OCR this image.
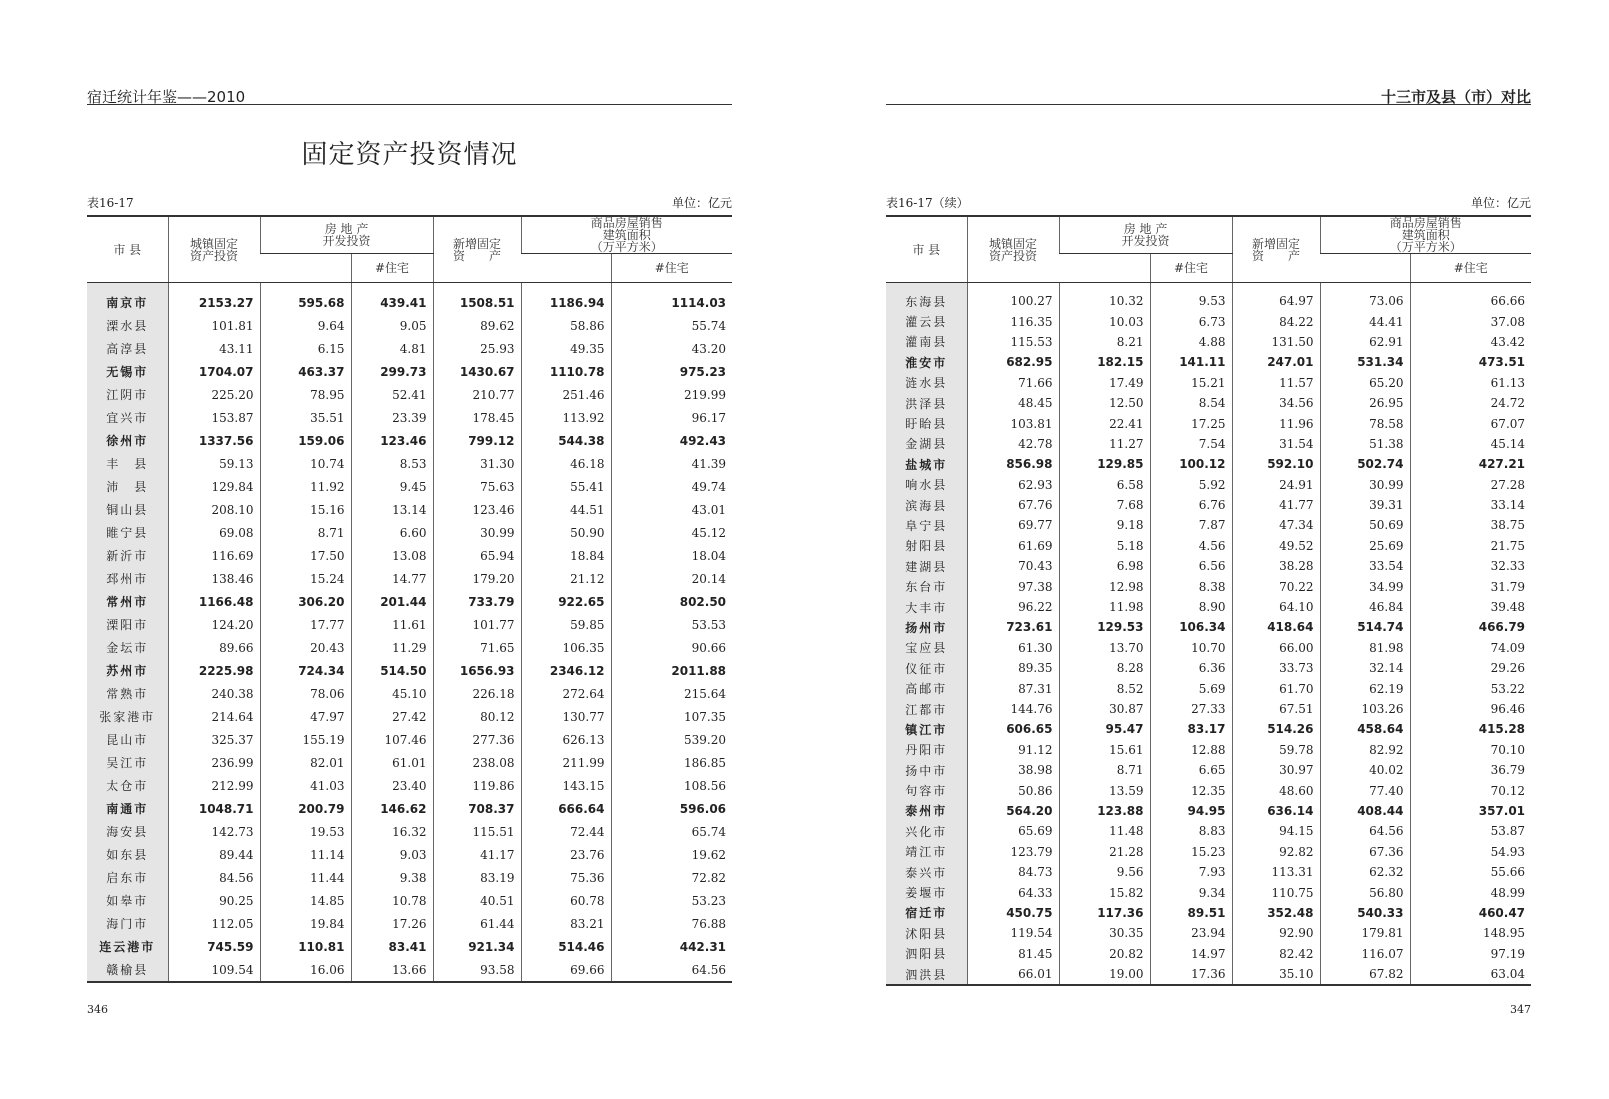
宿迁统计年鉴——2010
固定资产投资情况
表16-17	单位：亿元
市 县	城镇固定
资产投资	房 地 产
开发投资		新增固定
资　　产	商品房屋销售
建筑面积
（万平方米）	
			#住宅			#住宅
南京市	2153.27	595.68	439.41	1508.51	1186.94	1114.03
溧水县	101.81	9.64	9.05	89.62	58.86	55.74
高淳县	43.11	6.15	4.81	25.93	49.35	43.20
无锡市	1704.07	463.37	299.73	1430.67	1110.78	975.23
江阴市	225.20	78.95	52.41	210.77	251.46	219.99
宜兴市	153.87	35.51	23.39	178.45	113.92	96.17
徐州市	1337.56	159.06	123.46	799.12	544.38	492.43
丰　县	59.13	10.74	8.53	31.30	46.18	41.39
沛　县	129.84	11.92	9.45	75.63	55.41	49.74
铜山县	208.10	15.16	13.14	123.46	44.51	43.01
睢宁县	69.08	8.71	6.60	30.99	50.90	45.12
新沂市	116.69	17.50	13.08	65.94	18.84	18.04
邳州市	138.46	15.24	14.77	179.20	21.12	20.14
常州市	1166.48	306.20	201.44	733.79	922.65	802.50
溧阳市	124.20	17.77	11.61	101.77	59.85	53.53
金坛市	89.66	20.43	11.29	71.65	106.35	90.66
苏州市	2225.98	724.34	514.50	1656.93	2346.12	2011.88
常熟市	240.38	78.06	45.10	226.18	272.64	215.64
张家港市	214.64	47.97	27.42	80.12	130.77	107.35
昆山市	325.37	155.19	107.46	277.36	626.13	539.20
吴江市	236.99	82.01	61.01	238.08	211.99	186.85
太仓市	212.99	41.03	23.40	119.86	143.15	108.56
南通市	1048.71	200.79	146.62	708.37	666.64	596.06
海安县	142.73	19.53	16.32	115.51	72.44	65.74
如东县	89.44	11.14	9.03	41.17	23.76	19.62
启东市	84.56	11.44	9.38	83.19	75.36	72.82
如皋市	90.25	14.85	10.78	40.51	60.78	53.23
海门市	112.05	19.84	17.26	61.44	83.21	76.88
连云港市	745.59	110.81	83.41	921.34	514.46	442.31
赣榆县	109.54	16.06	13.66	93.58	69.66	64.56
346
十三市及县（市）对比
表16-17（续）	单位：亿元
市 县	城镇固定
资产投资	房 地 产
开发投资		新增固定
资　　产	商品房屋销售
建筑面积
（万平方米）	
			#住宅			#住宅
东海县	100.27	10.32	9.53	64.97	73.06	66.66
灌云县	116.35	10.03	6.73	84.22	44.41	37.08
灌南县	115.53	8.21	4.88	131.50	62.91	43.42
淮安市	682.95	182.15	141.11	247.01	531.34	473.51
涟水县	71.66	17.49	15.21	11.57	65.20	61.13
洪泽县	48.45	12.50	8.54	34.56	26.95	24.72
盱眙县	103.81	22.41	17.25	11.96	78.58	67.07
金湖县	42.78	11.27	7.54	31.54	51.38	45.14
盐城市	856.98	129.85	100.12	592.10	502.74	427.21
响水县	62.93	6.58	5.92	24.91	30.99	27.28
滨海县	67.76	7.68	6.76	41.77	39.31	33.14
阜宁县	69.77	9.18	7.87	47.34	50.69	38.75
射阳县	61.69	5.18	4.56	49.52	25.69	21.75
建湖县	70.43	6.98	6.56	38.28	33.54	32.33
东台市	97.38	12.98	8.38	70.22	34.99	31.79
大丰市	96.22	11.98	8.90	64.10	46.84	39.48
扬州市	723.61	129.53	106.34	418.64	514.74	466.79
宝应县	61.30	13.70	10.70	66.00	81.98	74.09
仪征市	89.35	8.28	6.36	33.73	32.14	29.26
高邮市	87.31	8.52	5.69	61.70	62.19	53.22
江都市	144.76	30.87	27.33	67.51	103.26	96.46
镇江市	606.65	95.47	83.17	514.26	458.64	415.28
丹阳市	91.12	15.61	12.88	59.78	82.92	70.10
扬中市	38.98	8.71	6.65	30.97	40.02	36.79
句容市	50.86	13.59	12.35	48.60	77.40	70.12
泰州市	564.20	123.88	94.95	636.14	408.44	357.01
兴化市	65.69	11.48	8.83	94.15	64.56	53.87
靖江市	123.79	21.28	15.23	92.82	67.36	54.93
泰兴市	84.73	9.56	7.93	113.31	62.32	55.66
姜堰市	64.33	15.82	9.34	110.75	56.80	48.99
宿迁市	450.75	117.36	89.51	352.48	540.33	460.47
沭阳县	119.54	30.35	23.94	92.90	179.81	148.95
泗阳县	81.45	20.82	14.97	82.42	116.07	97.19
泗洪县	66.01	19.00	17.36	35.10	67.82	63.04
347
